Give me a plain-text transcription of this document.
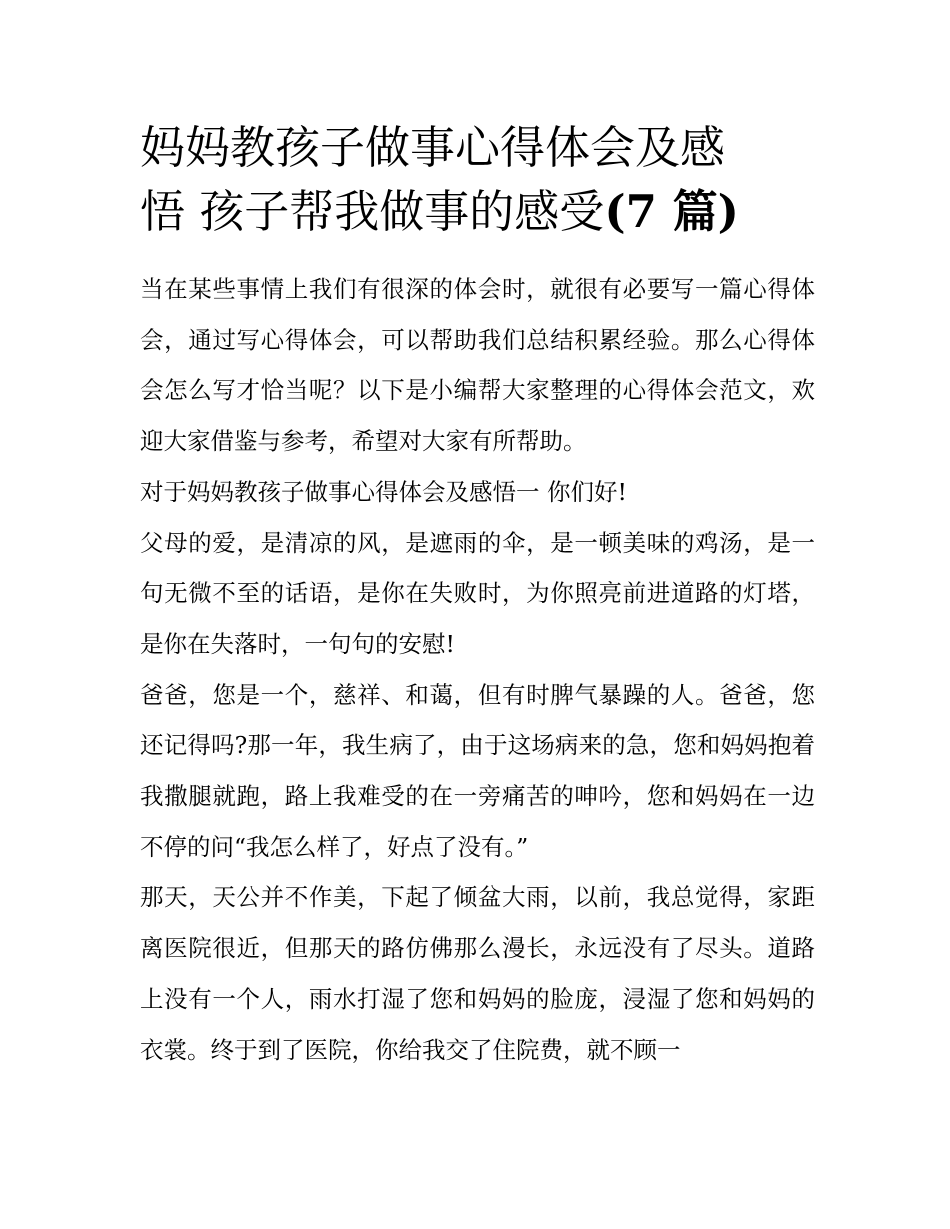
妈妈教孩子做事心得体会及感
悟 孩子帮我做事的感受(7 篇)

当在某些事情上我们有很深的体会时，就很有必要写一篇心得体会，通过写心得体会，可以帮助我们总结积累经验。那么心得体会怎么写才恰当呢？以下是小编帮大家整理的心得体会范文，欢迎大家借鉴与参考，希望对大家有所帮助。

对于妈妈教孩子做事心得体会及感悟一 你们好!

父母的爱，是清凉的风，是遮雨的伞，是一顿美味的鸡汤，是一句无微不至的话语，是你在失败时，为你照亮前进道路的灯塔，是你在失落时，一句句的安慰!

爸爸，您是一个，慈祥、和蔼，但有时脾气暴躁的人。爸爸，您还记得吗?那一年，我生病了，由于这场病来的急，您和妈妈抱着我撒腿就跑，路上我难受的在一旁痛苦的呻吟，您和妈妈在一边不停的问“我怎么样了，好点了没有。”

那天，天公并不作美，下起了倾盆大雨，以前，我总觉得，家距离医院很近，但那天的路仿佛那么漫长，永远没有了尽头。道路上没有一个人，雨水打湿了您和妈妈的脸庞，浸湿了您和妈妈的衣裳。终于到了医院，你给我交了住院费，就不顾一
